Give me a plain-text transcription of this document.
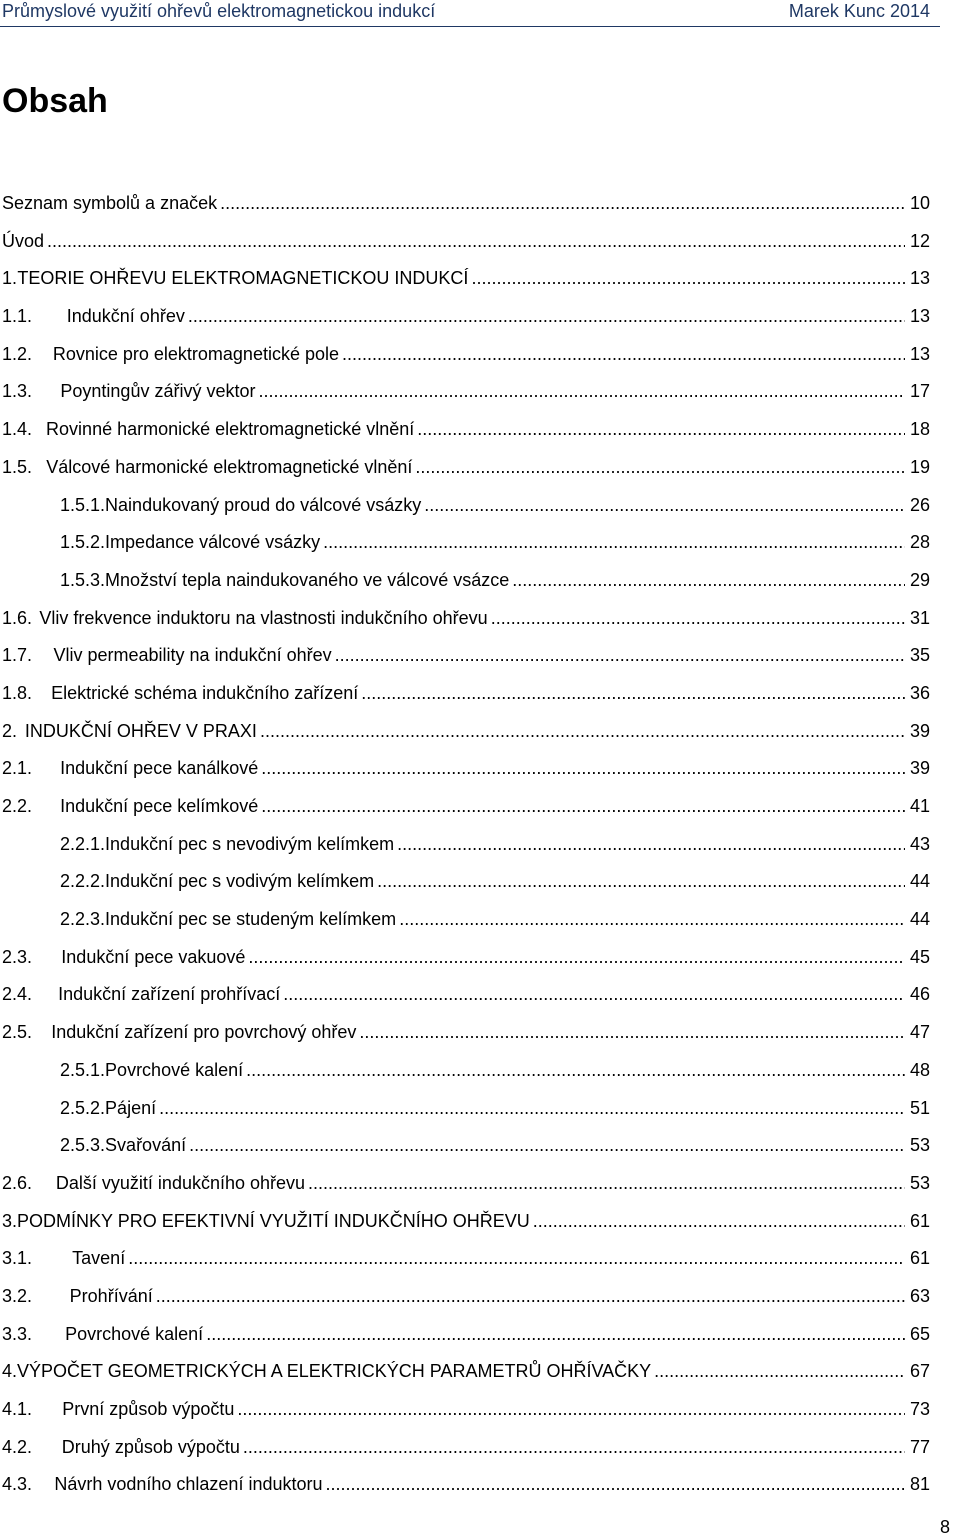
Průmyslové využití ohřevů elektromagnetickou indukcí	Marek Kunc 2014
Obsah
Seznam symbolů a značek .....	10
Úvod .....	12
1. TEORIE OHŘEVU ELEKTROMAGNETICKOU INDUKCÍ .....	13
1.1.	Indukční ohřev .....	13
1.2.	Rovnice pro elektromagnetické pole .....	13
1.3.	Poyntingův zářivý vektor .....	17
1.4. Rovinné harmonické elektromagnetické vlnění .....	18
1.5. Válcové harmonické elektromagnetické vlnění .....	19
1.5.1. Naindukovaný proud do válcové vsázky .....	26
1.5.2. Impedance válcové vsázky .....	28
1.5.3. Množství tepla naindukovaného ve válcové vsázce .....	29
1.6. Vliv frekvence induktoru na vlastnosti indukčního ohřevu .....	31
1.7.	Vliv permeability na indukční ohřev .....	35
1.8.	Elektrické schéma indukčního zařízení .....	36
2. INDUKČNÍ OHŘEV V PRAXI .....	39
2.1.	Indukční pece kanálkové .....	39
2.2.	Indukční pece kelímkové .....	41
2.2.1. Indukční pec s nevodivým kelímkem .....	43
2.2.2. Indukční pec s vodivým kelímkem .....	44
2.2.3. Indukční pec se studeným kelímkem .....	44
2.3.	Indukční pece vakuové .....	45
2.4.	Indukční zařízení prohřívací .....	46
2.5.	Indukční zařízení pro povrchový ohřev .....	47
2.5.1. Povrchové kalení .....	48
2.5.2. Pájení .....	51
2.5.3. Svařování .....	53
2.6.	Další využití indukčního ohřevu .....	53
3. PODMÍNKY PRO EFEKTIVNÍ VYUŽITÍ INDUKČNÍHO OHŘEVU .....	61
3.1.	Tavení .....	61
3.2.	Prohřívání .....	63
3.3.	Povrchové kalení .....	65
4. VÝPOČET GEOMETRICKÝCH A ELEKTRICKÝCH PARAMETRŮ OHŘÍVAČKY .....	67
4.1.	První způsob výpočtu .....	73
4.2.	Druhý způsob výpočtu .....	77
4.3.	Návrh vodního chlazení induktoru .....	81
8
